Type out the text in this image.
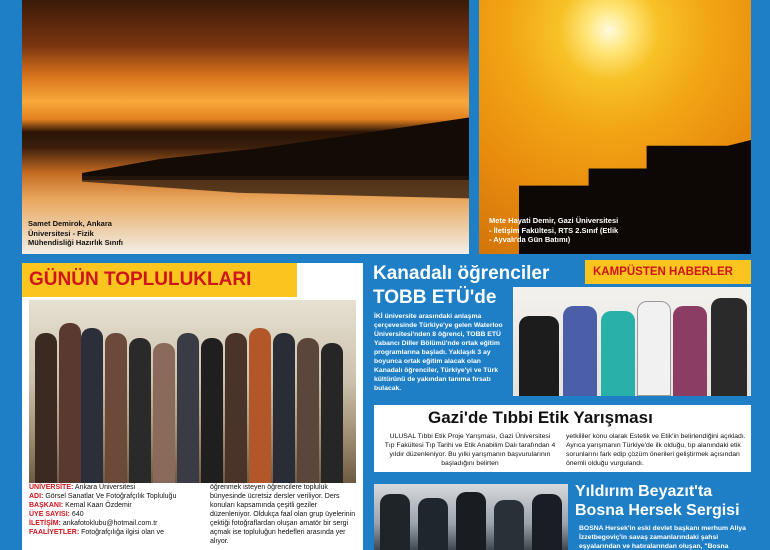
Samet Demirok, Ankara
Üniversitesi - Fizik
Mühendisliği Hazırlık Sınıfı
Mete Hayati Demir, Gazi Üniversitesi
- İletişim Fakültesi, RTS 2.Sınıf (Etlik
- Ayvalı'da Gün Batımı)
GÜNÜN TOPLULUKLARI
ÜNİVERSİTE: Ankara Üniversitesi
ADI: Görsel Sanatlar Ve Fotoğrafçılık Topluluğu
BAŞKANI: Kemal Kaan Özdemir
ÜYE SAYISI: 640
İLETİŞİM: ankafotoklubu@hotmail.com.tr
FAALİYETLER: Fotoğrafçılığa ilgisi olan ve
öğrenmek isteyen öğrencilere topluluk bünyesinde ücretsiz dersler veriliyor. Ders konuları kapsamında çeşitli geziler düzenleniyor. Oldukça faal olan grup üyelerinin çektiği fotoğraflardan oluşan amatör bir sergi açmak ise topluluğun hedefleri arasında yer alıyor.
Kanadalı öğrenciler
TOBB ETÜ'de
KAMPÜSTEN HABERLER
İKİ üniversite arasındaki anlaşma çerçevesinde Türkiye'ye gelen Waterloo Üniversitesi'nden 8 öğrenci, TOBB ETÜ Yabancı Diller Bölümü'nde ortak eğitim programlarına başladı. Yaklaşık 3 ay boyunca ortak eğitim alacak olan Kanadalı öğrenciler, Türkiye'yi ve Türk kültürünü de yakından tanıma fırsatı bulacak.
Gazi'de Tıbbi Etik Yarışması
ULUSAL Tıbbi Etik Proje Yarışması, Gazi Üniversitesi Tıp Fakültesi Tıp Tarihi ve Etik Anabilim Dalı tarafından 4 yıldır düzenleniyor. Bu yılki yarışmanın başvurularının başladığını belirten
yetkililer konu olarak Estetik ve Etik'in belirlendiğini açıkladı. Ayrıca yarışmanın Türkiye'de ilk olduğu, tıp alanındaki etik sorunlarını fark edip çözüm önerileri geliştirmek açısından önemli olduğu vurgulandı.
Yıldırım Beyazıt'ta
Bosna Hersek Sergisi
BOSNA Hersek'in eski devlet başkanı merhum Aliya İzzetbegoviç'in savaş zamanlarındaki şahsi eşyalarından ve hatıralarından oluşan, "Bosna
